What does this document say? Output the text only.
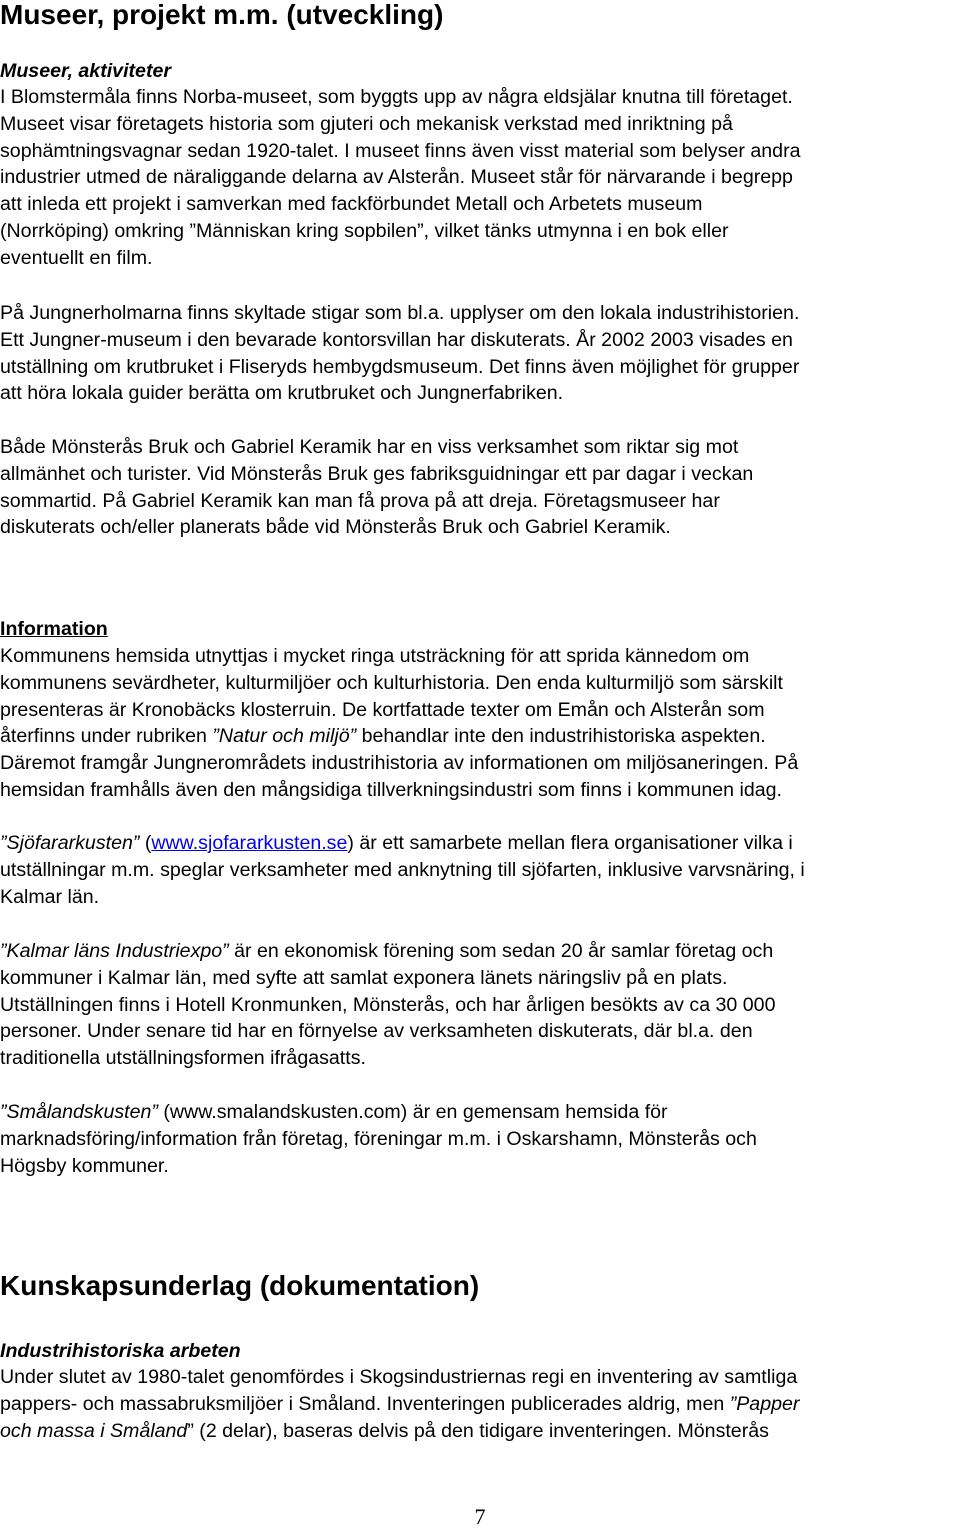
Museer, projekt m.m. (utveckling)
Museer, aktiviteter
I Blomstermåla finns Norba-museet, som byggts upp av några eldsjälar knutna till företaget.
Museet visar företagets historia som gjuteri och mekanisk verkstad med inriktning på
sophämtningsvagnar sedan 1920-talet. I museet finns även visst material som belyser andra
industrier utmed de näraliggande delarna av Alsterån. Museet står för närvarande i begrepp
att inleda ett projekt i samverkan med fackförbundet Metall och Arbetets museum
(Norrköping) omkring ”Människan kring sopbilen”, vilket tänks utmynna i en bok eller
eventuellt en film.
På Jungnerholmarna finns skyltade stigar som bl.a. upplyser om den lokala industrihistorien.
Ett Jungner-museum i den bevarade kontorsvillan har diskuterats. År 2002 2003 visades en
utställning om krutbruket i Fliseryds hembygdsmuseum. Det finns även möjlighet för grupper
att höra lokala guider berätta om krutbruket och Jungnerfabriken.
Både Mönsterås Bruk och Gabriel Keramik har en viss verksamhet som riktar sig mot
allmänhet och turister. Vid Mönsterås Bruk ges fabriksguidningar ett par dagar i veckan
sommartid. På Gabriel Keramik kan man få prova på att dreja. Företagsmuseer har
diskuterats och/eller planerats både vid Mönsterås Bruk och Gabriel Keramik.
Information
Kommunens hemsida utnyttjas i mycket ringa utsträckning för att sprida kännedom om
kommunens sevärdheter, kulturmiljöer och kulturhistoria. Den enda kulturmiljö som särskilt
presenteras är Kronobäcks klosterruin. De kortfattade texter om Emån och Alsterån som
återfinns under rubriken ”Natur och miljö” behandlar inte den industrihistoriska aspekten.
Däremot framgår Jungnerområdets industrihistoria av informationen om miljösaneringen. På
hemsidan framhålls även den mångsidiga tillverkningsindustri som finns i kommunen idag.
”Sjöfararkusten” (www.sjofararkusten.se) är ett samarbete mellan flera organisationer vilka i
utställningar m.m. speglar verksamheter med anknytning till sjöfarten, inklusive varvsnäring, i
Kalmar län.
”Kalmar läns Industriexpo” är en ekonomisk förening som sedan 20 år samlar företag och
kommuner i Kalmar län, med syfte att samlat exponera länets näringsliv på en plats.
Utställningen finns i Hotell Kronmunken, Mönsterås, och har årligen besökts av ca 30 000
personer. Under senare tid har en förnyelse av verksamheten diskuterats, där bl.a. den
traditionella utställningsformen ifrågasatts.
”Smålandskusten” (www.smalandskusten.com) är en gemensam hemsida för
marknadsföring/information från företag, föreningar m.m. i Oskarshamn, Mönsterås och
Högsby kommuner.
Kunskapsunderlag (dokumentation)
Industrihistoriska arbeten
Under slutet av 1980-talet genomfördes i Skogsindustriernas regi en inventering av samtliga
pappers- och massabruksmiljöer i Småland. Inventeringen publicerades aldrig, men ”Papper
och massa i Småland” (2 delar), baseras delvis på den tidigare inventeringen. Mönsterås
7
